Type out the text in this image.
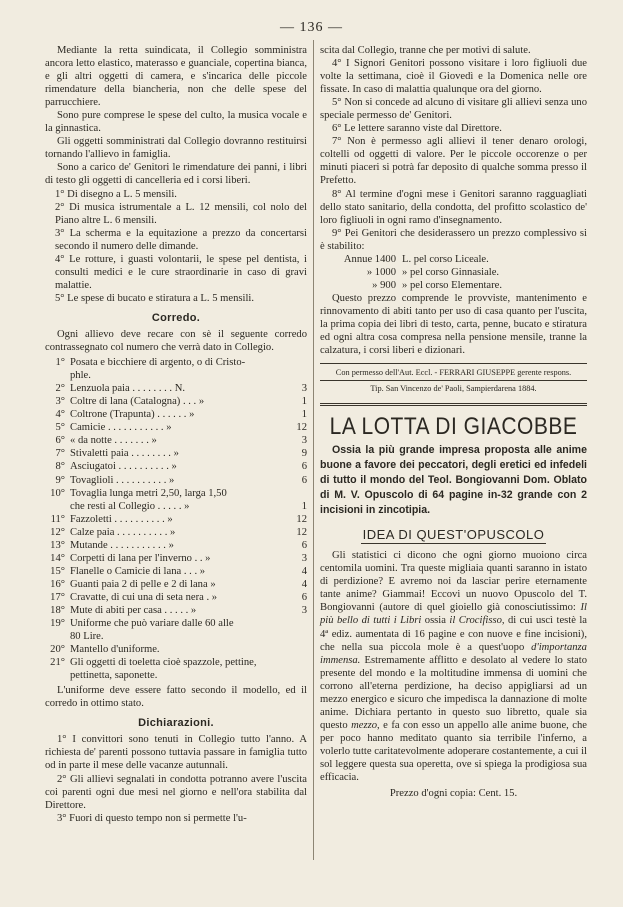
— 136 —

Mediante la retta suindicata, il Collegio somministra ancora letto elastico, materasso e guanciale, copertina bianca, e gli altri oggetti di camera, e s'incarica delle piccole rimendature della biancheria, non che delle spese del parrucchiere.

Sono pure comprese le spese del culto, la musica vocale e la ginnastica.

Gli oggetti somministrati dal Collegio dovranno restituirsi tornando l'allievo in famiglia.

Sono a carico de' Genitori le rimendature dei panni, i libri di testo gli oggetti di cancelleria ed i corsi liberi.

1° Di disegno a L. 5 mensili.
2° Di musica istrumentale a L. 12 mensili, col nolo del Piano altre L. 6 mensili.
3° La scherma e la equitazione a prezzo da concertarsi secondo il numero delle dimande.
4° Le rotture, i guasti volontarii, le spese pel dentista, i consulti medici e le cure straordinarie in caso di gravi malattie.
5° Le spese di bucato e stiratura a L. 5 mensili.
Corredo.

Ogni allievo deve recare con sè il seguente corredo contrassegnato col numero che verrà dato in Collegio.

1° Posata e bicchiere di argento, o di Cristo-
phle.
2° Lenzuola paia . . . . . . . . N.	3
3° Coltre di lana (Catalogna) . . . »	1
4° Coltrone (Trapunta) . . . . . . »	1
5° Camicie . . . . . . . . . . . »	12
6° « da notte . . . . . . . »	3
7° Stivaletti paia . . . . . . . . »	9
8° Asciugatoi . . . . . . . . . . »	6
9° Tovaglioli . . . . . . . . . . »	6
10° Tovaglia lunga metri 2,50, larga 1,50
che resti al Collegio . . . . . »	1
11° Fazzoletti . . . . . . . . . . »	12
12° Calze paia . . . . . . . . . . »	12
13° Mutande . . . . . . . . . . . »	6
14° Corpetti di lana per l'inverno . . »	3
15° Flanelle o Camicie di lana . . . »	4
16° Guanti paia 2 di pelle e 2 di lana »	4
17° Cravatte, di cui una di seta nera . »	6
18° Mute di abiti per casa . . . . . »	3
19° Uniforme che può variare dalle 60 alle
80 Lire.
20° Mantello d'uniforme.
21° Gli oggetti di toeletta cioè spazzole, pettine,
pettinetta, saponette.

L'uniforme deve essere fatto secondo il modello, ed il corredo in ottimo stato.

Dichiarazioni.

1° I convittori sono tenuti in Collegio tutto l'anno. A richiesta de' parenti possono tuttavia passare in famiglia tutto od in parte il mese delle vacanze autunnali.

2° Gli allievi segnalati in condotta potranno avere l'uscita coi parenti ogni due mesi nel giorno e nell'ora stabilita dal Direttore.

3° Fuori di questo tempo non si permette l'u-

scita dal Collegio, tranne che per motivi di salute.

4° I Signori Genitori possono visitare i loro figliuoli due volte la settimana, cioè il Giovedì e la Domenica nelle ore fissate. In caso di malattia qualunque ora del giorno.

5° Non si concede ad alcuno di visitare gli allievi senza uno speciale permesso de' Genitori.

6° Le lettere saranno viste dal Direttore.

7° Non è permesso agli allievi il tener denaro orologi, coltelli od oggetti di valore. Per le piccole occorenze o per minuti piaceri si potrà far deposito di qualche somma presso il Prefetto.

8° Al termine d'ogni mese i Genitori saranno ragguagliati dello stato sanitario, della condotta, del profitto scolastico de' loro figliuoli in ogni ramo d'insegnamento.

9° Pei Genitori che desiderassero un prezzo complessivo si è stabilito:

Annue 1400 L. pel corso Liceale.
» 1000 » pel corso Ginnasiale.
» 900 » pel corso Elementare.

Questo prezzo comprende le provviste, mantenimento e rinnovamento di abiti tanto per uso di casa quanto per l'uscita, la prima copia dei libri di testo, carta, penne, bucato e stiratura ed ogni altra cosa compresa nella pensione mensile, tranne la calzatura, i corsi liberi e dizionari.

Con permesso dell'Aut. Eccl. - FERRARI GIUSEPPE gerente respons.
Tip. San Vincenzo de' Paoli, Sampierdarena 1884.
LA LOTTA DI GIACOBBE

Ossia la più grande impresa proposta alle anime buone a favore dei peccatori, degli eretici ed infedeli di tutto il mondo del Teol. Bongiovanni Dom. Oblato di M. V. Opuscolo di 64 pagine in-32 grande con 2 incisioni in zincotipia.

IDEA DI QUEST'OPUSCOLO

Gli statistici ci dicono che ogni giorno muoiono circa centomila uomini. Tra queste migliaia quanti saranno in istato di perdizione? E avremo noi da lasciar perire eternamente tante anime? Giammai! Eccovi un nuovo Opuscolo del T. Bongiovanni (autore di quel gioiello già conosciutissimo: Il più bello di tutti i Libri ossia il Crocifisso, di cui uscì testè la 4ª ediz. aumentata di 16 pagine e con nuove e fine incisioni), che nella sua piccola mole è a quest'uopo d'importanza immensa. Estremamente afflitto e desolato al vedere lo stato presente del mondo e la moltitudine immensa di uomini che corrono all'eterna perdizione, ha deciso appigliarsi ad un mezzo energico e sicuro che impedisca la dannazione di molte anime. Dichiara pertanto in questo suo libretto, quale sia questo mezzo, e fa con esso un appello alle anime buone, che per poco hanno meditato quanto sia terribile l'inferno, a volerlo tutte caritatevolmente adoperare costantemente, a cui il sol leggere questa sua operetta, ove si spiega la prodigiosa sua efficacia.

Prezzo d'ogni copia: Cent. 15.
